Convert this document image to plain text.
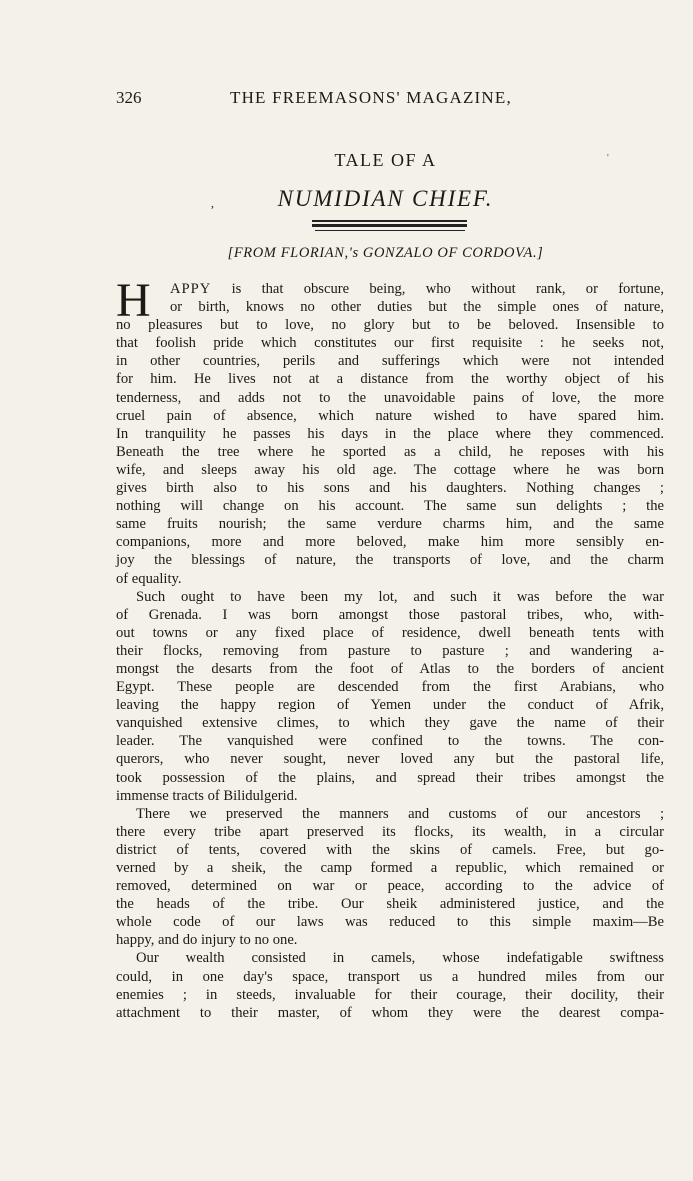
326	THE FREEMASONS' MAGAZINE,
'
TALE OF A
,	NUMIDIAN CHIEF.
[FROM FLORIAN,'s GONZALO OF CORDOVA.]
H	APPY is that obscure being, who without rank, or fortune,
or birth, knows no other duties but the simple ones of nature,
no pleasures but to love, no glory but to be beloved. Insensible to
that foolish pride which constitutes our first requisite : he seeks not,
in other countries, perils and sufferings which were not intended
for him. He lives not at a distance from the worthy object of his
tenderness, and adds not to the unavoidable pains of love, the more
cruel pain of absence, which nature wished to have spared him.
In tranquility he passes his days in the place where they commenced.
Beneath the tree where he sported as a child, he reposes with his
wife, and sleeps away his old age. The cottage where he was born
gives birth also to his sons and his daughters. Nothing changes ;
nothing will change on his account. The same sun delights ; the
same fruits nourish; the same verdure charms him, and the same
companions, more and more beloved, make him more sensibly en-
joy the blessings of nature, the transports of love, and the charm
of equality.
Such ought to have been my lot, and such it was before the war
of Grenada. I was born amongst those pastoral tribes, who, with-
out towns or any fixed place of residence, dwell beneath tents with
their flocks, removing from pasture to pasture ; and wandering a-
mongst the desarts from the foot of Atlas to the borders of ancient
Egypt. These people are descended from the first Arabians, who
leaving the happy region of Yemen under the conduct of Afrik,
vanquished extensive climes, to which they gave the name of their
leader. The vanquished were confined to the towns. The con-
querors, who never sought, never loved any but the pastoral life,
took possession of the plains, and spread their tribes amongst the
immense tracts of Bilidulgerid.
There we preserved the manners and customs of our ancestors ;
there every tribe apart preserved its flocks, its wealth, in a circular
district of tents, covered with the skins of camels. Free, but go-
verned by a sheik, the camp formed a republic, which remained or
removed, determined on war or peace, according to the advice of
the heads of the tribe. Our sheik administered justice, and the
whole code of our laws was reduced to this simple maxim—Be
happy, and do injury to no one.
Our wealth consisted in camels, whose indefatigable swiftness
could, in one day's space, transport us a hundred miles from our
enemies ; in steeds, invaluable for their courage, their docility, their
attachment to their master, of whom they were the dearest compa-
